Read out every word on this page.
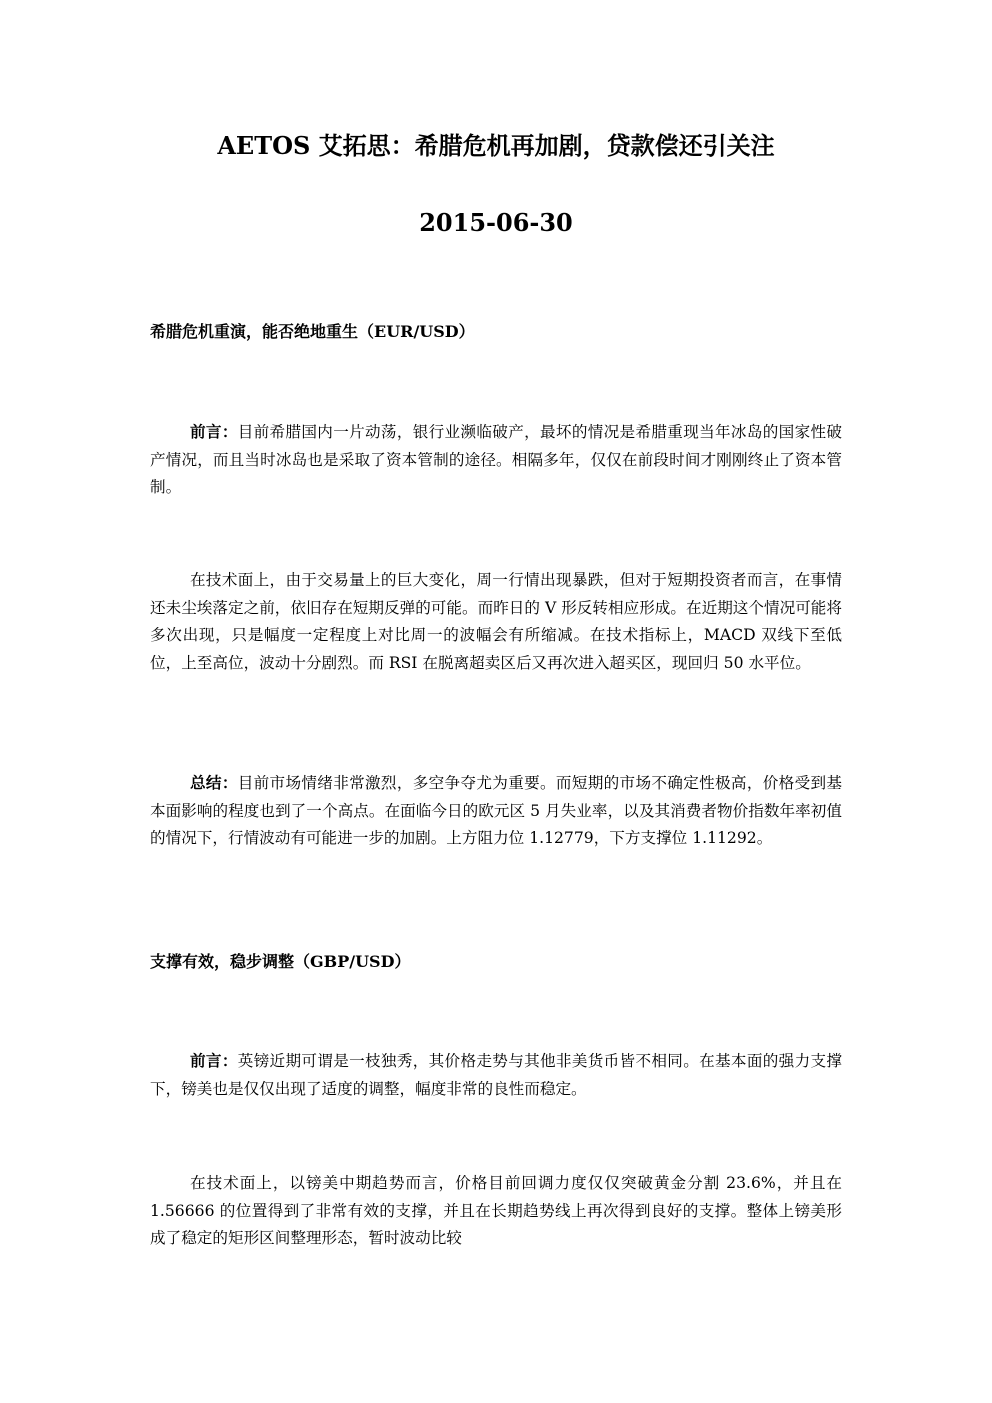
AETOS 艾拓思：希腊危机再加剧，贷款偿还引关注
2015-06-30
希腊危机重演，能否绝地重生（EUR/USD）
前言：目前希腊国内一片动荡，银行业濒临破产，最坏的情况是希腊重现当年冰岛的国家性破产情况，而且当时冰岛也是采取了资本管制的途径。相隔多年，仅仅在前段时间才刚刚终止了资本管制。
在技术面上，由于交易量上的巨大变化，周一行情出现暴跌，但对于短期投资者而言，在事情还未尘埃落定之前，依旧存在短期反弹的可能。而昨日的 V 形反转相应形成。在近期这个情况可能将多次出现，只是幅度一定程度上对比周一的波幅会有所缩减。在技术指标上，MACD 双线下至低位，上至高位，波动十分剧烈。而 RSI 在脱离超卖区后又再次进入超买区，现回归 50 水平位。
总结：目前市场情绪非常激烈，多空争夺尤为重要。而短期的市场不确定性极高，价格受到基本面影响的程度也到了一个高点。在面临今日的欧元区 5 月失业率，以及其消费者物价指数年率初值的情况下，行情波动有可能进一步的加剧。上方阻力位 1.12779，下方支撑位 1.11292。
支撑有效，稳步调整（GBP/USD）
前言：英镑近期可谓是一枝独秀，其价格走势与其他非美货币皆不相同。在基本面的强力支撑下，镑美也是仅仅出现了适度的调整，幅度非常的良性而稳定。
在技术面上，以镑美中期趋势而言，价格目前回调力度仅仅突破黄金分割 23.6%，并且在 1.56666 的位置得到了非常有效的支撑，并且在长期趋势线上再次得到良好的支撑。整体上镑美形成了稳定的矩形区间整理形态，暂时波动比较
